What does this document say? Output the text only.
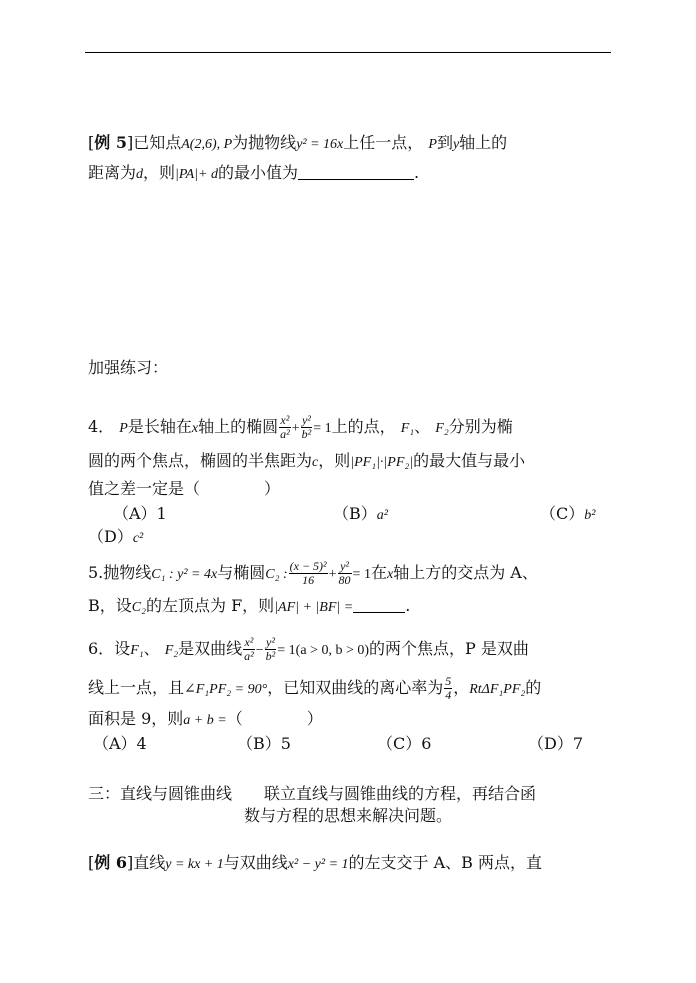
[例 5]已知点A(2,6), P为抛物线y² = 16x上任一点， P到y轴上的
距离为d，则|PA|+ d的最小值为	.
加强练习：
4． P是长轴在x轴上的椭圆 $\frac{\text{x²}}{\text{a²}} + \frac{\text{y²}}{\text{b²}} = 1$上的点， F₁、 F₂分别为椭
圆的两个焦点，椭圆的半焦距为c，则|PF₁|·|PF₂|的最大值与最小
值之差一定是（　　　　）
（A）1	（B）a²	（C）b²
（D）c²
5.抛物线C₁ : y² = 4x与椭圆C₂ : $\frac{\text{(x − 5)²}}{16} + \frac{\text{y²}}{80} = 1$在x轴上方的交点为 A、
B，设C₂的左顶点为 F，则|AF| + |BF| =	.
6．设F₁、 F₂是双曲线 $\frac{\text{x²}}{\text{a²}} - \frac{\text{y²}}{\text{b²}} = 1(a > 0$, b > 0)的两个焦点，P 是双曲
线上一点，且∠F₁PF₂ = 90°，已知双曲线的离心率为 $\frac{5}{4}$ ，RtΔF₁PF₂的
面积是 9，则a + b =（　　　　）
（A）4	（B）5	（C）6	（D）7
三：直线与圆锥曲线　　联立直线与圆锥曲线的方程，再结合函
数与方程的思想来解决问题。
[例 6]直线y = kx + 1与双曲线x² − y² = 1的左支交于 A、B 两点，直
